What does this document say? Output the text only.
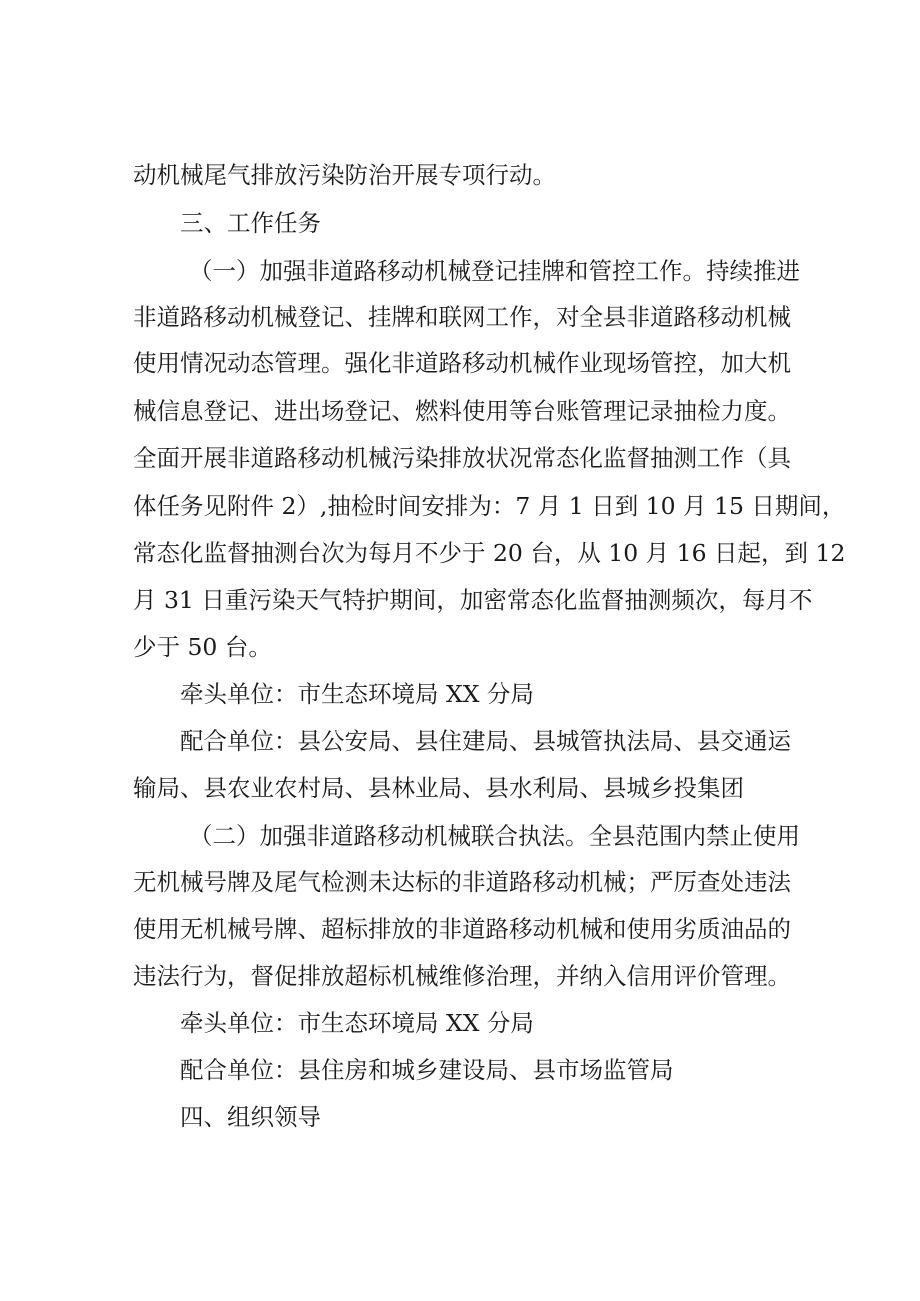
动机械尾气排放污染防治开展专项行动。

三、工作任务

（一）加强非道路移动机械登记挂牌和管控工作。持续推进

非道路移动机械登记、挂牌和联网工作，对全县非道路移动机械

使用情况动态管理。强化非道路移动机械作业现场管控，加大机

械信息登记、进出场登记、燃料使用等台账管理记录抽检力度。

全面开展非道路移动机械污染排放状况常态化监督抽测工作（具

体任务见附件 2）,抽检时间安排为：7 月 1 日到 10 月 15 日期间，

常态化监督抽测台次为每月不少于 20 台，从 10 月 16 日起，到 12

月 31 日重污染天气特护期间，加密常态化监督抽测频次，每月不

少于 50 台。

牵头单位：市生态环境局 XX 分局

配合单位：县公安局、县住建局、县城管执法局、县交通运

输局、县农业农村局、县林业局、县水利局、县城乡投集团

（二）加强非道路移动机械联合执法。全县范围内禁止使用

无机械号牌及尾气检测未达标的非道路移动机械；严厉查处违法

使用无机械号牌、超标排放的非道路移动机械和使用劣质油品的

违法行为，督促排放超标机械维修治理，并纳入信用评价管理。

牵头单位：市生态环境局 XX 分局

配合单位：县住房和城乡建设局、县市场监管局

四、组织领导
